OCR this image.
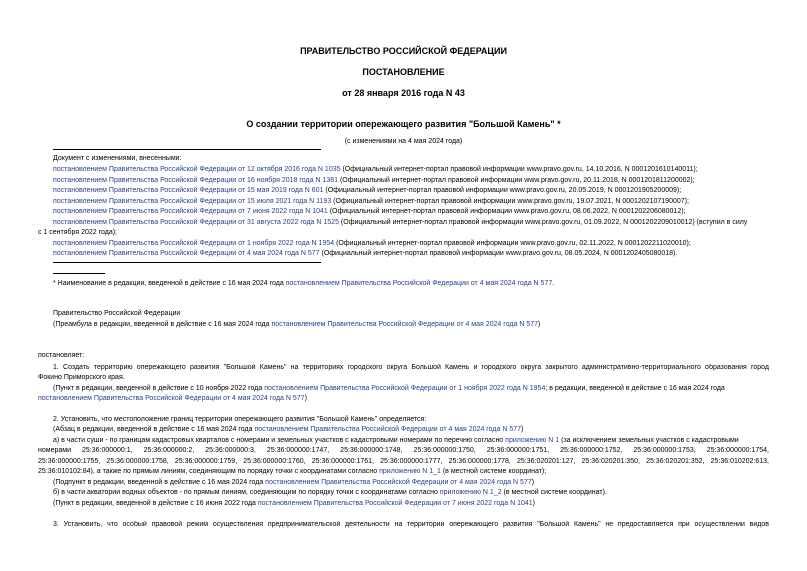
ПРАВИТЕЛЬСТВО РОССИЙСКОЙ ФЕДЕРАЦИИ
ПОСТАНОВЛЕНИЕ
от 28 января 2016 года N 43
О создании территории опережающего развития "Большой Камень" *
(с изменениями на 4 мая 2024 года)
Документ с изменениями, внесенными:
постановлением Правительства Российской Федерации от 12 октября 2016 года N 1035 (Официальный интернет-портал правовой информации www.pravo.gov.ru, 14.10.2016, N 0001201610140011);
постановлением Правительства Российской Федерации от 16 ноября 2018 года N 1381 (Официальный интернет-портал правовой информации www.pravo.gov.ru, 20.11.2018, N 0001201811200002);
постановлением Правительства Российской Федерации от 15 мая 2019 года N 601 (Официальный интернет-портал правовой информации www.pravo.gov.ru, 20.05.2019, N 0001201905200009);
постановлением Правительства Российской Федерации от 15 июля 2021 года N 1193 (Официальный интернет-портал правовой информации www.pravo.gov.ru, 19.07.2021, N 0001202107190007);
постановлением Правительства Российской Федерации от 7 июня 2022 года N 1041 (Официальный интернет-портал правовой информации www.pravo.gov.ru, 08.06.2022, N 0001202206080012);
постановлением Правительства Российской Федерации от 31 августа 2022 года N 1525 (Официальный интернет-портал правовой информации www.pravo.gov.ru, 01.09.2022, N 0001202209010012) (вступил в силу
с 1 сентября 2022 года);
постановлением Правительства Российской Федерации от 1 ноября 2022 года N 1954 (Официальный интернет-портал правовой информации www.pravo.gov.ru, 02.11.2022, N 0001202211020010);
постановлением Правительства Российской Федерации от 4 мая 2024 года N 577 (Официальный интернет-портал правовой информации www.pravo.gov.ru, 08.05.2024, N 0001202405080018).
* Наименование в редакции, введенной в действие с 16 мая 2024 года постановлением Правительства Российской Федерации от 4 мая 2024 года N 577.
Правительство Российской Федерации
(Преамбула в редакции, введенной в действие с 16 мая 2024 года постановлением Правительства Российской Федерации от 4 мая 2024 года N 577)
постановляет:
1. Создать территорию опережающего развития "Большой Камень" на территориях городского округа Большой Камень и городского округа закрытого административно-территориального образования город
Фокино Приморского края.
(Пункт в редакции, введенной в действие с 10 ноября 2022 года постановлением Правительства Российской Федерации от 1 ноября 2022 года N 1954; в редакции, введенной в действие с 16 мая 2024 года
постановлением Правительства Российской Федерации от 4 мая 2024 года N 577)
2. Установить, что местоположение границ территории опережающего развития "Большой Камень" определяется:
(Абзац в редакции, введенной в действие с 16 мая 2024 года постановлением Правительства Российской Федерации от 4 мая 2024 года N 577)
а) в части суши - по границам кадастровых кварталов с номерами и земельных участков с кадастровыми номерами по перечню согласно приложению N 1 (за исключением земельных участков с кадастровыми
номерами 25:36:000000:1, 25:36:000000:2, 25:36:000000:3, 25:36:000000:1747, 25:36:000000:1748, 25:36:000000:1750, 25:36:000000:1751, 25:36:000000:1752, 25:36:000000:1753, 25:36:000000:1754,
25:36:000000:1755, 25:36:000000:1758, 25:36:000000:1759, 25:36:000000:1760, 25:36:000000:1761, 25:36:000000:1777, 25:36:000000:1778, 25:36:020201:127, 25:36:020201:350, 25:36:020201:352, 25:36:010202:613,
25:36:010102:84), а также по прямым линиям, соединяющим по порядку точки с координатами согласно приложению N 1_1 (в местной системе координат);
(Подпункт в редакции, введенной в действие с 16 мая 2024 года постановлением Правительства Российской Федерации от 4 мая 2024 года N 577)
б) в части акватории водных объектов - по прямым линиям, соединяющим по порядку точки с координатами согласно приложению N 1_2 (в местной системе координат).
(Пункт в редакции, введенной в действие с 16 июня 2022 года постановлением Правительства Российской Федерации от 7 июня 2022 года N 1041)
3. Установить, что особый правовой режим осуществления предпринимательской деятельности на территории опережающего развития "Большой Камень" не предоставляется при осуществлении видов
